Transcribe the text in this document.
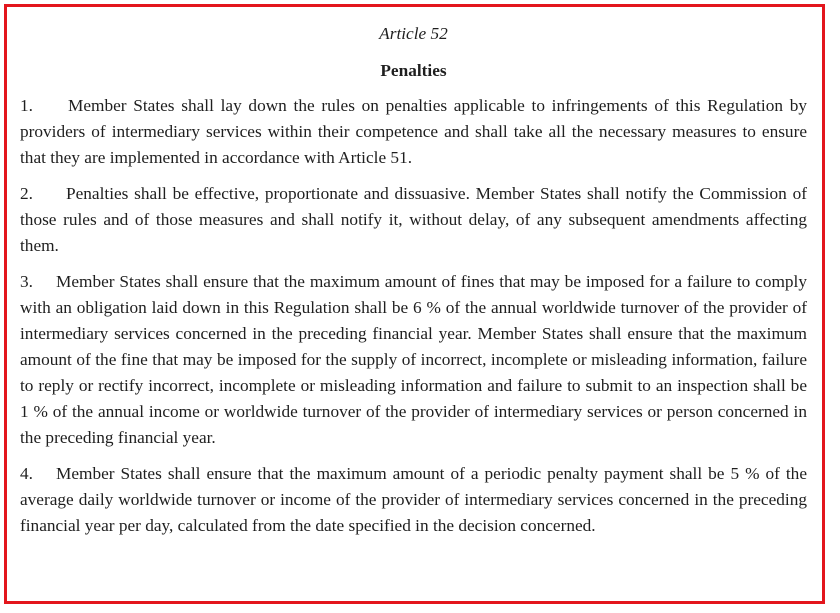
Article 52

Penalties

1. Member States shall lay down the rules on penalties applicable to infringements of this Regulation by providers of intermediary services within their competence and shall take all the necessary measures to ensure that they are implemented in accordance with Article 51.

2. Penalties shall be effective, proportionate and dissuasive. Member States shall notify the Commission of those rules and of those measures and shall notify it, without delay, of any subsequent amendments affecting them.

3. Member States shall ensure that the maximum amount of fines that may be imposed for a failure to comply with an obligation laid down in this Regulation shall be 6 % of the annual worldwide turnover of the provider of intermediary services concerned in the preceding financial year. Member States shall ensure that the maximum amount of the fine that may be imposed for the supply of incorrect, incomplete or misleading information, failure to reply or rectify incorrect, incomplete or misleading information and failure to submit to an inspection shall be 1 % of the annual income or worldwide turnover of the provider of intermediary services or person concerned in the preceding financial year.

4. Member States shall ensure that the maximum amount of a periodic penalty payment shall be 5 % of the average daily worldwide turnover or income of the provider of intermediary services concerned in the preceding financial year per day, calculated from the date specified in the decision concerned.
